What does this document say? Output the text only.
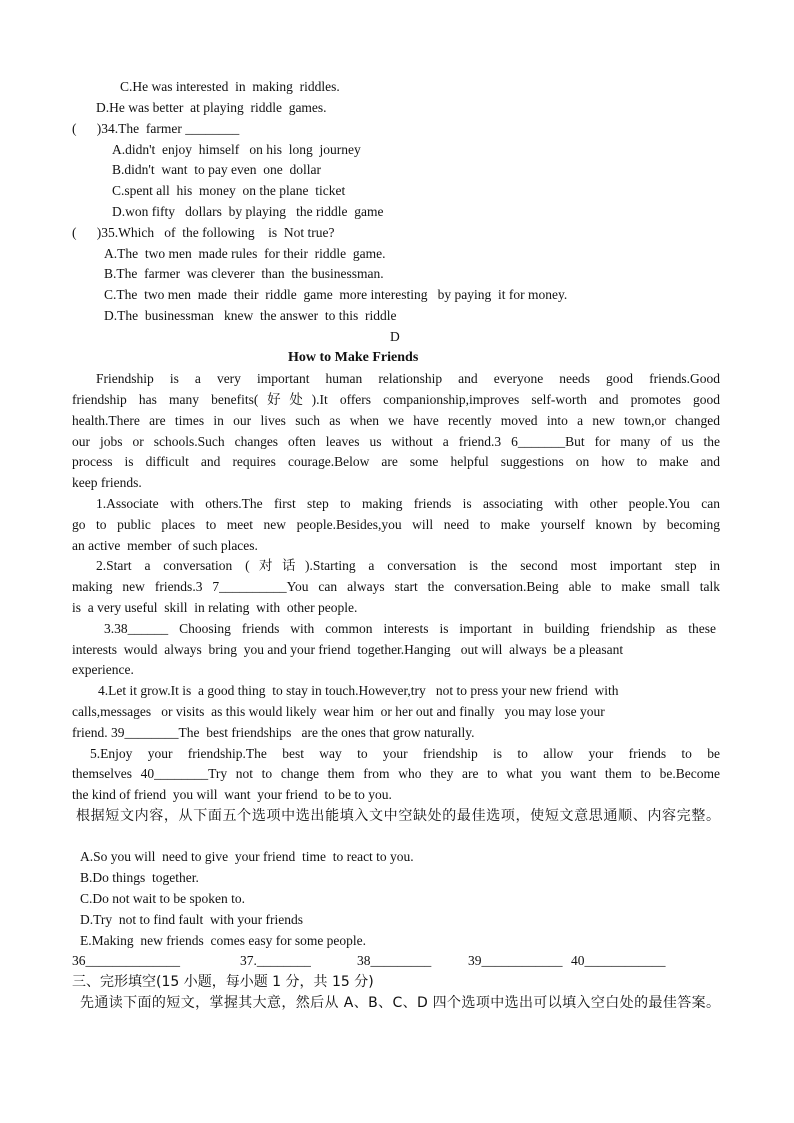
C.He was interested  in  making  riddles.
D.He was better  at playing  riddle  games.
(      )34.The  farmer ________
A.didn't  enjoy  himself   on his  long  journey
B.didn't  want  to pay even  one  dollar
C.spent all  his  money  on the plane  ticket
D.won fifty   dollars  by playing   the riddle  game
(      )35.Which   of  the following    is  Not true?
A.The  two men  made rules  for their  riddle  game.
B.The  farmer  was cleverer  than  the businessman.
C.The  two men  made  their  riddle  game  more interesting   by paying  it for money.
D.The  businessman   knew  the answer  to this  riddle
D
How to Make Friends
Friendship is a very important human relationship and everyone needs good friends.Good
friendship has many benefits(好处).It offers companionship,improves self-worth and promotes good
health.There are times in our lives such as when we have recently moved into a new town,or changed
our jobs or schools.Such changes often leaves us without a friend.3 6_______But for many of us the
process is difficult and requires courage.Below are some helpful suggestions on how to make and
keep friends.
1.Associate with others.The first step to making friends is associating with other people.You can
go to public places to meet new people.Besides,you will need to make yourself known by becoming
an active  member  of such places.
2.Start a conversation (对话).Starting a conversation is the second most important step in
making new friends.3 7__________You can always start the conversation.Being able to make small talk
is  a very useful  skill  in relating  with  other people.
3.38______ Choosing friends with common interests is important in building friendship as these
interests  would  always  bring  you and your friend  together.Hanging   out will  always  be a pleasant
experience.
4.Let it grow.It is  a good thing  to stay in touch.However,try   not to press your new friend  with
calls,messages   or visits  as this would likely  wear him  or her out and finally   you may lose your
friend. 39________The  best friendships   are the ones that grow naturally.
5.Enjoy your friendship.The best way to your friendship is to allow your friends to be
themselves 40________Try not to change them from who they are to what you want them to be.Become
the kind of friend  you will  want  your friend  to be to you.
根据短文内容，从下面五个选项中选出能填入文中空缺处的最佳选项，使短文意思通顺、内容完整。
A.So you will  need to give  your friend  time  to react to you.
B.Do things  together.
C.Do not wait to be spoken to.
D.Try  not to find fault  with your friends
E.Making  new friends  comes easy for some people.
36______________	37.________	38_________	39____________ 40____________
三、完形填空(15 小题，每小题 1 分，共 15 分)
先通读下面的短文，掌握其大意，然后从 A、B、C、D 四个选项中选出可以填入空白处的最佳答案。
